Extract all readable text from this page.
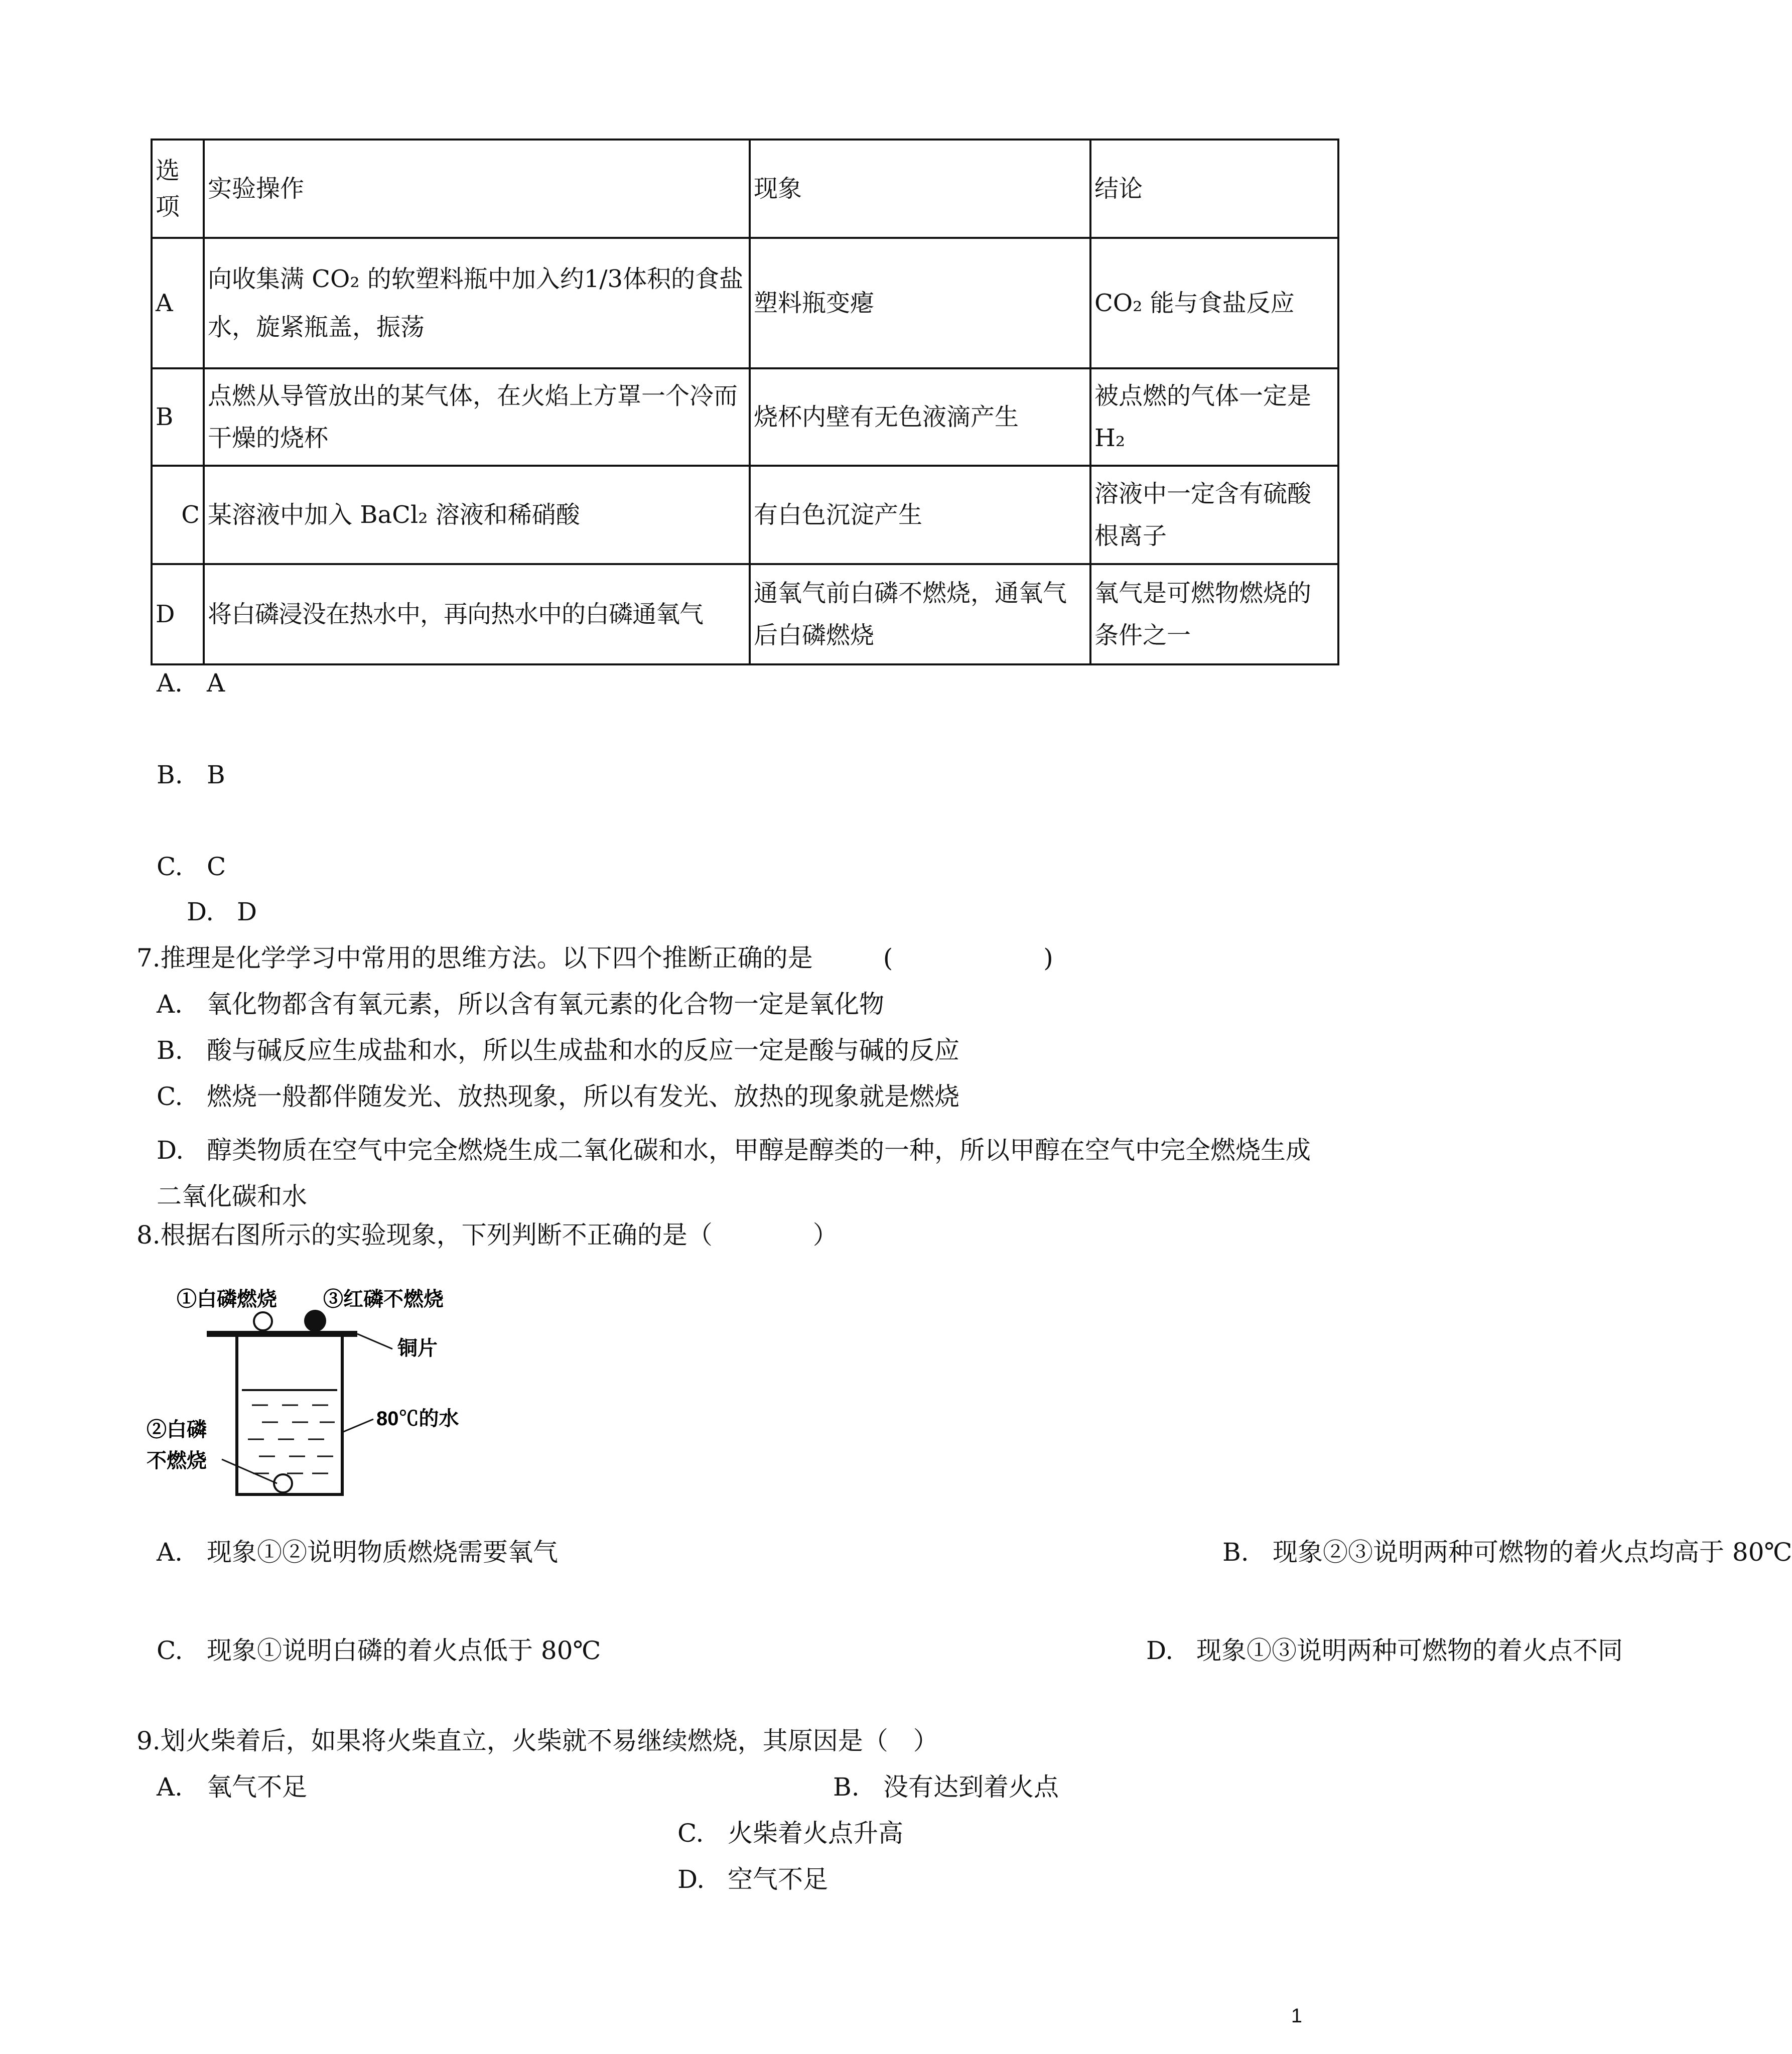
选
项	实验操作	现象	结论
A	向收集满 CO₂ 的软塑料瓶中加入约1/3体积的食盐水，旋紧瓶盖，振荡	塑料瓶变瘪	CO₂ 能与食盐反应
B	点燃从导管放出的某气体，在火焰上方罩一个冷而干燥的烧杯	烧杯内壁有无色液滴产生	被点燃的气体一定是 H₂
C	某溶液中加入 BaCl₂ 溶液和稀硝酸	有白色沉淀产生	溶液中一定含有硫酸根离子
D	将白磷浸没在热水中，再向热水中的白磷通氧气	通氧气前白磷不燃烧，通氧气后白磷燃烧	氧气是可燃物燃烧的条件之一
A. A
B. B
C. C
D. D
7.推理是化学学习中常用的思维方法。以下四个推断正确的是	(　　　　　　)
A. 氧化物都含有氧元素，所以含有氧元素的化合物一定是氧化物
B. 酸与碱反应生成盐和水，所以生成盐和水的反应一定是酸与碱的反应
C. 燃烧一般都伴随发光、放热现象，所以有发光、放热的现象就是燃烧
D. 醇类物质在空气中完全燃烧生成二氧化碳和水，甲醇是醇类的一种，所以甲醇在空气中完全燃烧生成二氧化碳和水
8.根据右图所示的实验现象，下列判断不正确的是（　　　　）
①白磷燃烧 ③红磷不燃烧
铜片
80℃的水
②白磷
不燃烧
A. 现象①②说明物质燃烧需要氧气	B. 现象②③说明两种可燃物的着火点均高于 80℃
C. 现象①说明白磷的着火点低于 80℃	D. 现象①③说明两种可燃物的着火点不同
9.划火柴着后，如果将火柴直立，火柴就不易继续燃烧，其原因是（　）
A. 氧气不足	B. 没有达到着火点
C. 火柴着火点升高
D. 空气不足
1
